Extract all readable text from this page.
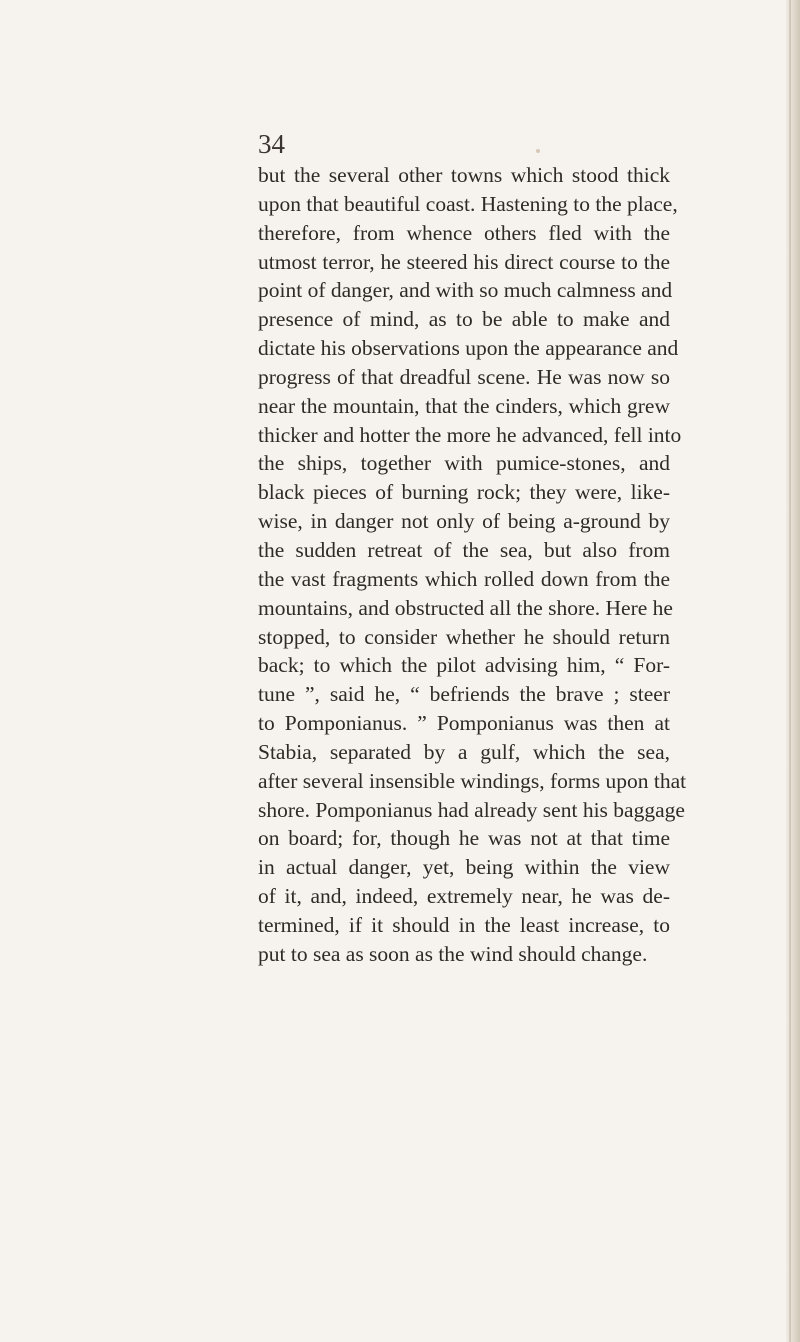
34
but the several other towns which stood thick
upon that beautiful coast. Hastening to the place,
therefore, from whence others fled with the
utmost terror, he steered his direct course to the
point of danger, and with so much calmness and
presence of mind, as to be able to make and
dictate his observations upon the appearance and
progress of that dreadful scene. He was now so
near the mountain, that the cinders, which grew
thicker and hotter the more he advanced, fell into
the ships, together with pumice-stones, and
black pieces of burning rock; they were, like-
wise, in danger not only of being a-ground by
the sudden retreat of the sea, but also from
the vast fragments which rolled down from the
mountains, and obstructed all the shore. Here he
stopped, to consider whether he should return
back; to which the pilot advising him, “ For-
tune ”, said he, “ befriends the brave ; steer
to Pomponianus. ” Pomponianus was then at
Stabia, separated by a gulf, which the sea,
after several insensible windings, forms upon that
shore. Pomponianus had already sent his baggage
on board; for, though he was not at that time
in actual danger, yet, being within the view
of it, and, indeed, extremely near, he was de-
termined, if it should in the least increase, to
put to sea as soon as the wind should change.
